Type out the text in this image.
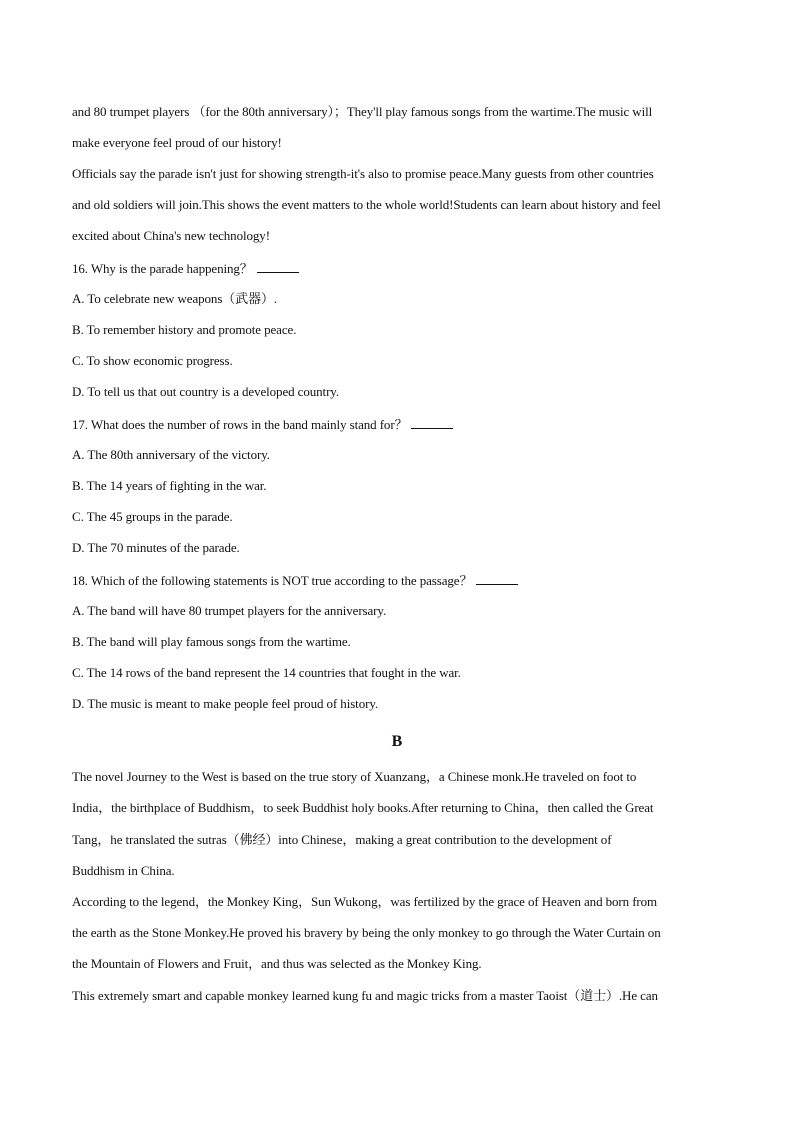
and 80 trumpet players （for the 80th anniversary）；They'll play famous songs from the wartime.The music will
make everyone feel proud of our history!
Officials say the parade isn't just for showing strength-it's also to promise peace.Many guests from other countries
and old soldiers will join.This shows the event matters to the whole world!Students can learn about history and feel
excited about China's new technology!
16. Why is the parade happening？
A. To celebrate new weapons（武器）.
B. To remember history and promote peace.
C. To show economic progress.
D. To tell us that out country is a developed country.
17. What does the number of rows in the band mainly stand for？
A. The 80th anniversary of the victory.
B. The 14 years of fighting in the war.
C. The 45 groups in the parade.
D. The 70 minutes of the parade.
18. Which of the following statements is NOT true according to the passage？
A. The band will have 80 trumpet players for the anniversary.
B. The band will play famous songs from the wartime.
C. The 14 rows of the band represent the 14 countries that fought in the war.
D. The music is meant to make people feel proud of history.
B
The novel Journey to the West is based on the true story of Xuanzang，a Chinese monk.He traveled on foot to
India，the birthplace of Buddhism，to seek Buddhist holy books.After returning to China，then called the Great
Tang，he translated the sutras（佛经）into Chinese，making a great contribution to the development of
Buddhism in China.
According to the legend，the Monkey King，Sun Wukong，was fertilized by the grace of Heaven and born from
the earth as the Stone Monkey.He proved his bravery by being the only monkey to go through the Water Curtain on
the Mountain of Flowers and Fruit，and thus was selected as the Monkey King.
This extremely smart and capable monkey learned kung fu and magic tricks from a master Taoist（道士）.He can
